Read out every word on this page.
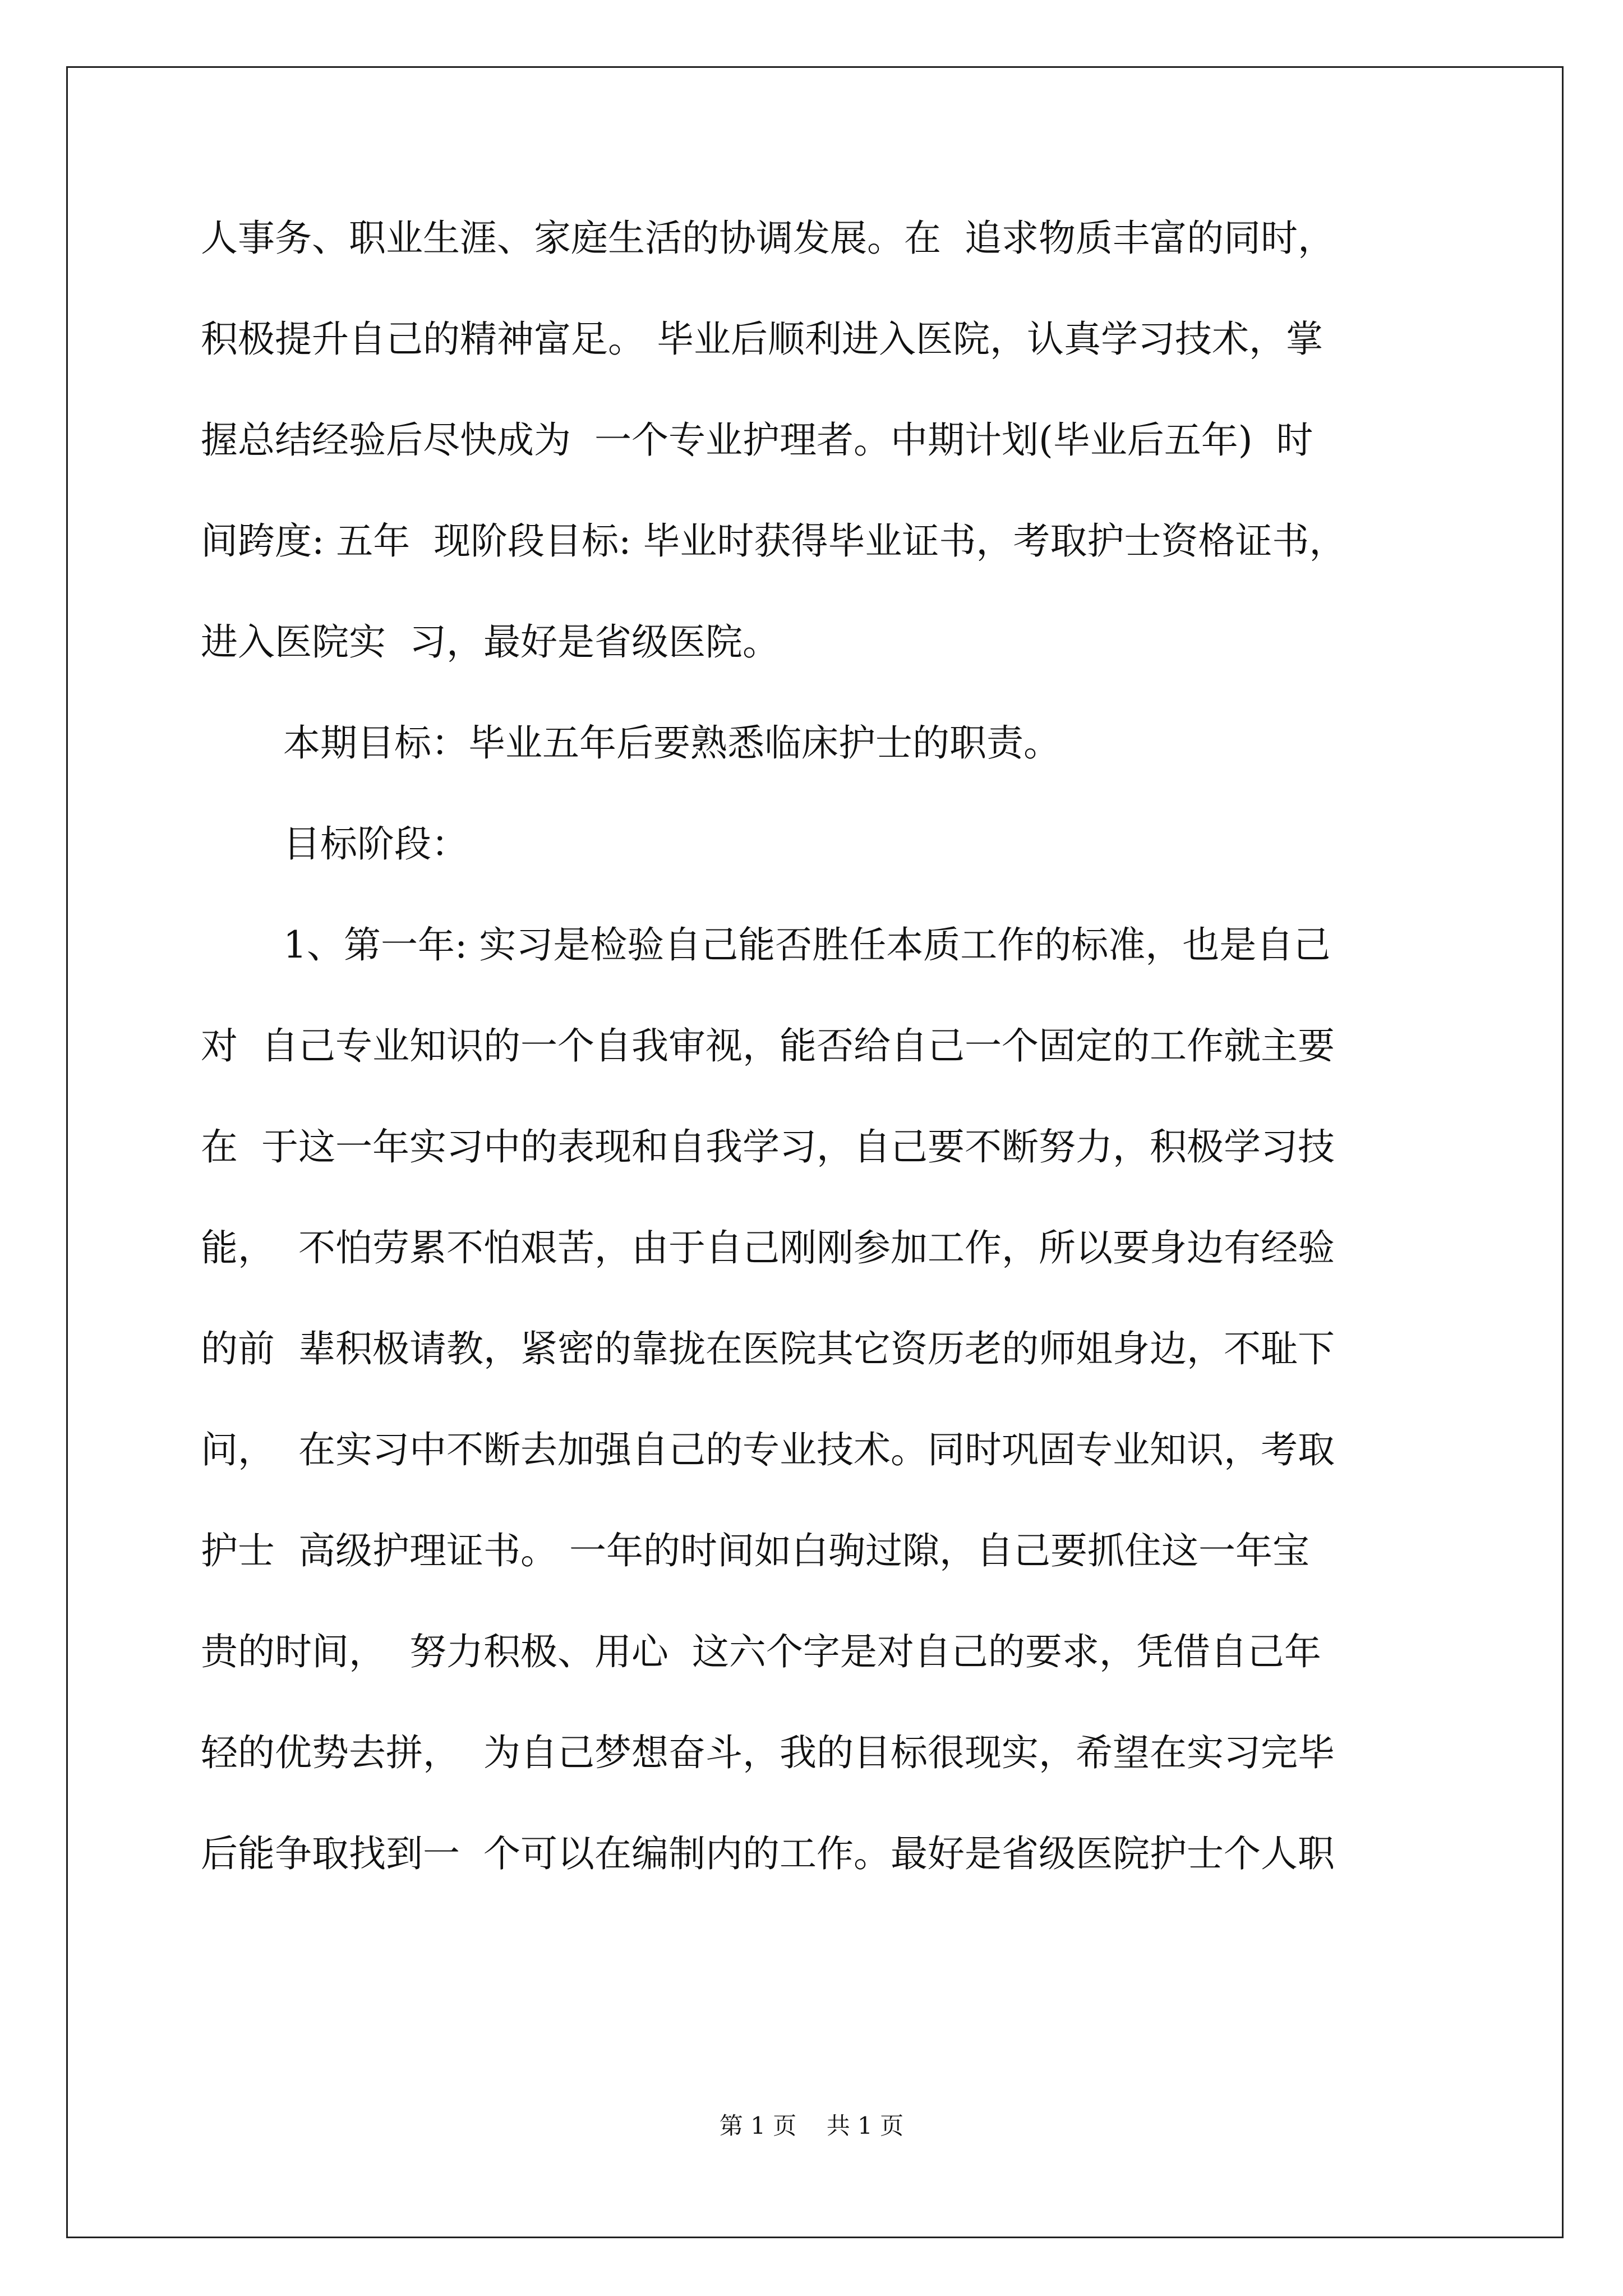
人事务、职业生涯、家庭生活的协调发展。在  追求物质丰富的同时，
积极提升自己的精神富足。 毕业后顺利进入医院，认真学习技术，掌
握总结经验后尽快成为  一个专业护理者。中期计划(毕业后五年)  时
间跨度: 五年  现阶段目标: 毕业时获得毕业证书，考取护士资格证书，
进入医院实  习，最好是省级医院。
本期目标：毕业五年后要熟悉临床护士的职责。
目标阶段：
1、第一年: 实习是检验自己能否胜任本质工作的标准，也是自己
对  自己专业知识的一个自我审视，能否给自己一个固定的工作就主要
在  于这一年实习中的表现和自我学习，自己要不断努力，积极学习技
能，  不怕劳累不怕艰苦，由于自己刚刚参加工作，所以要身边有经验
的前  辈积极请教，紧密的靠拢在医院其它资历老的师姐身边，不耻下
问，  在实习中不断去加强自己的专业技术。同时巩固专业知识，考取
护士  高级护理证书。 一年的时间如白驹过隙，自己要抓住这一年宝
贵的时间，  努力积极、用心  这六个字是对自己的要求，凭借自己年
轻的优势去拼，  为自己梦想奋斗，我的目标很现实，希望在实习完毕
后能争取找到一  个可以在编制内的工作。最好是省级医院护士个人职
第 1 页    共 1 页
